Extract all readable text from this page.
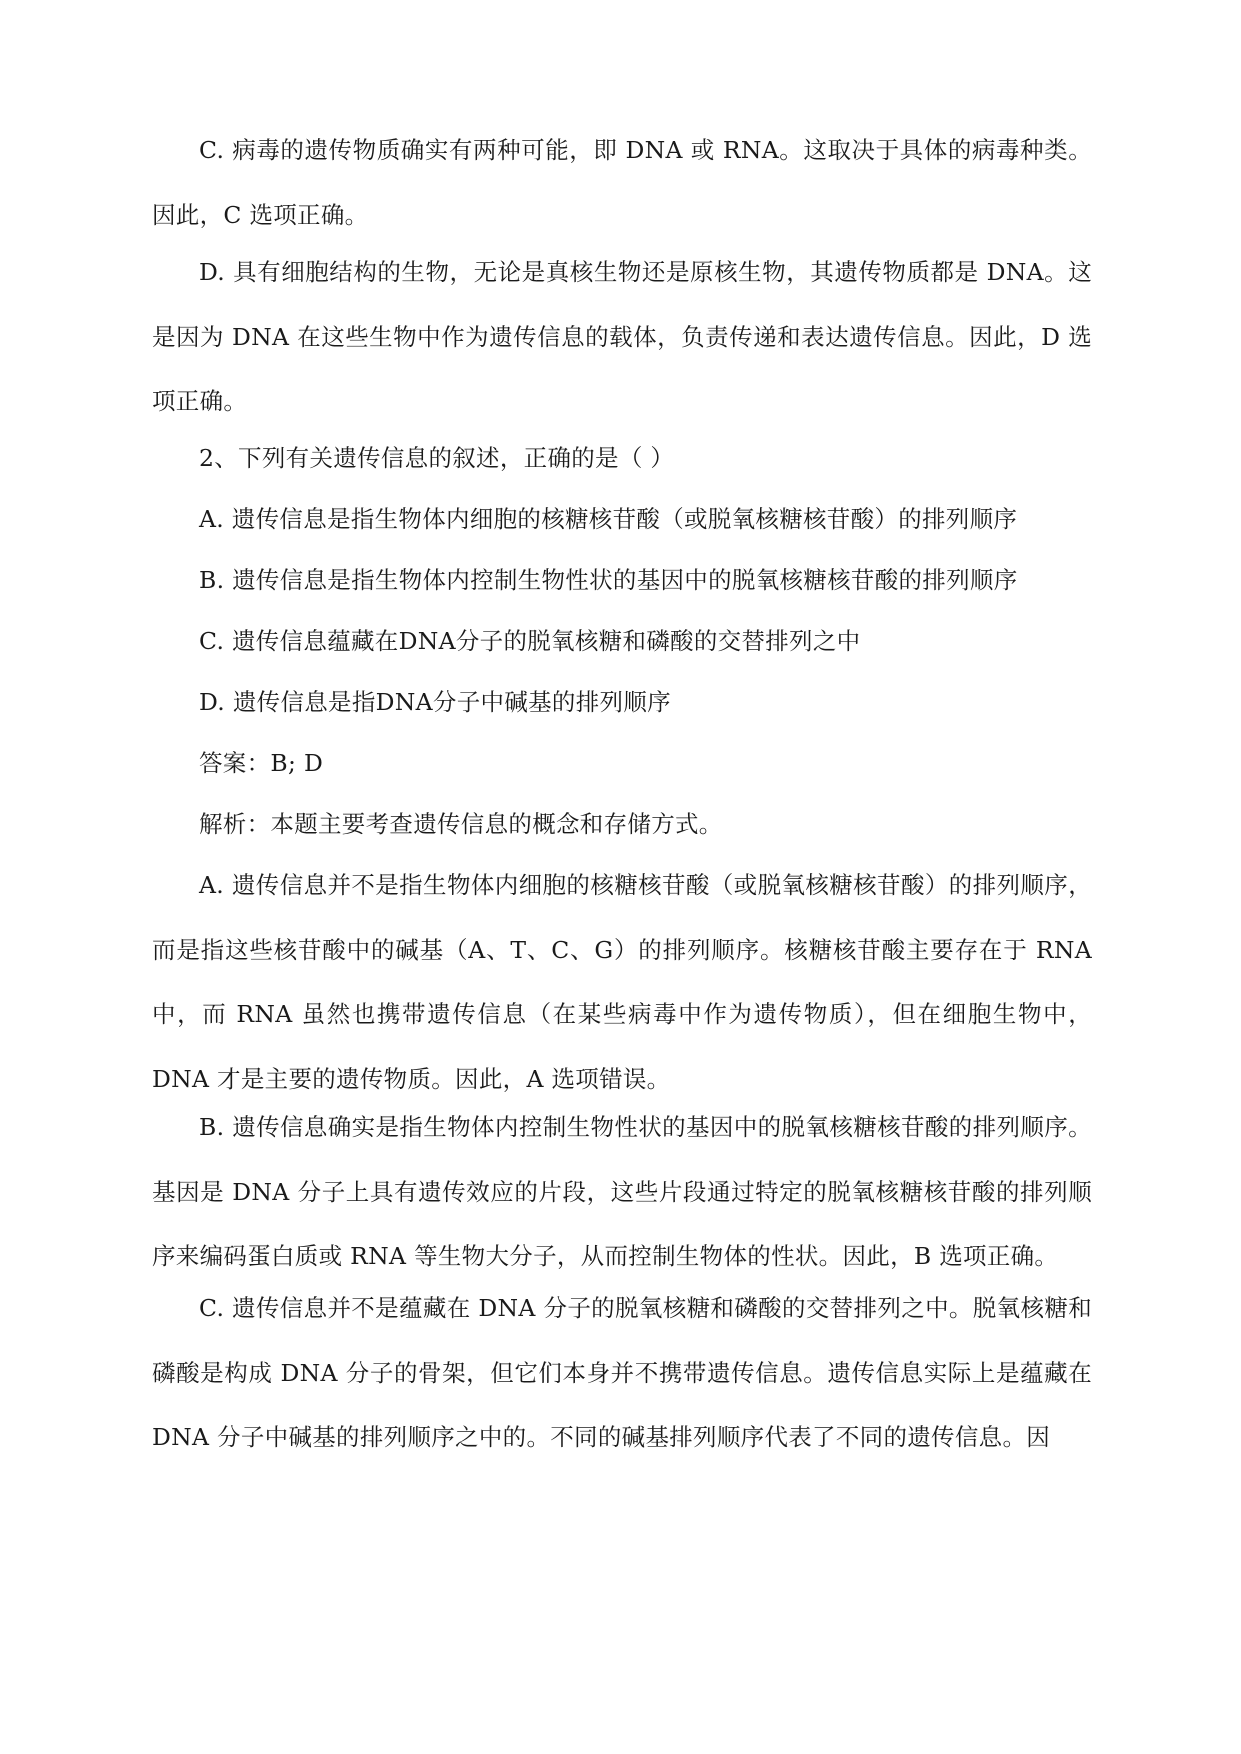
C. 病毒的遗传物质确实有两种可能，即 DNA 或 RNA。这取决于具体的病毒种类。因此，C 选项正确。

D. 具有细胞结构的生物，无论是真核生物还是原核生物，其遗传物质都是 DNA。这是因为 DNA 在这些生物中作为遗传信息的载体，负责传递和表达遗传信息。因此，D 选项正确。

2、下列有关遗传信息的叙述，正确的是（ ）

A. 遗传信息是指生物体内细胞的核糖核苷酸（或脱氧核糖核苷酸）的排列顺序

B. 遗传信息是指生物体内控制生物性状的基因中的脱氧核糖核苷酸的排列顺序

C. 遗传信息蕴藏在DNA分子的脱氧核糖和磷酸的交替排列之中

D. 遗传信息是指DNA分子中碱基的排列顺序

答案：B; D

解析：本题主要考查遗传信息的概念和存储方式。

A. 遗传信息并不是指生物体内细胞的核糖核苷酸（或脱氧核糖核苷酸）的排列顺序，而是指这些核苷酸中的碱基（A、T、C、G）的排列顺序。核糖核苷酸主要存在于 RNA 中，而 RNA 虽然也携带遗传信息（在某些病毒中作为遗传物质），但在细胞生物中，DNA 才是主要的遗传物质。因此，A 选项错误。

B. 遗传信息确实是指生物体内控制生物性状的基因中的脱氧核糖核苷酸的排列顺序。基因是 DNA 分子上具有遗传效应的片段，这些片段通过特定的脱氧核糖核苷酸的排列顺序来编码蛋白质或 RNA 等生物大分子，从而控制生物体的性状。因此，B 选项正确。

C. 遗传信息并不是蕴藏在 DNA 分子的脱氧核糖和磷酸的交替排列之中。脱氧核糖和磷酸是构成 DNA 分子的骨架，但它们本身并不携带遗传信息。遗传信息实际上是蕴藏在 DNA 分子中碱基的排列顺序之中的。不同的碱基排列顺序代表了不同的遗传信息。因
